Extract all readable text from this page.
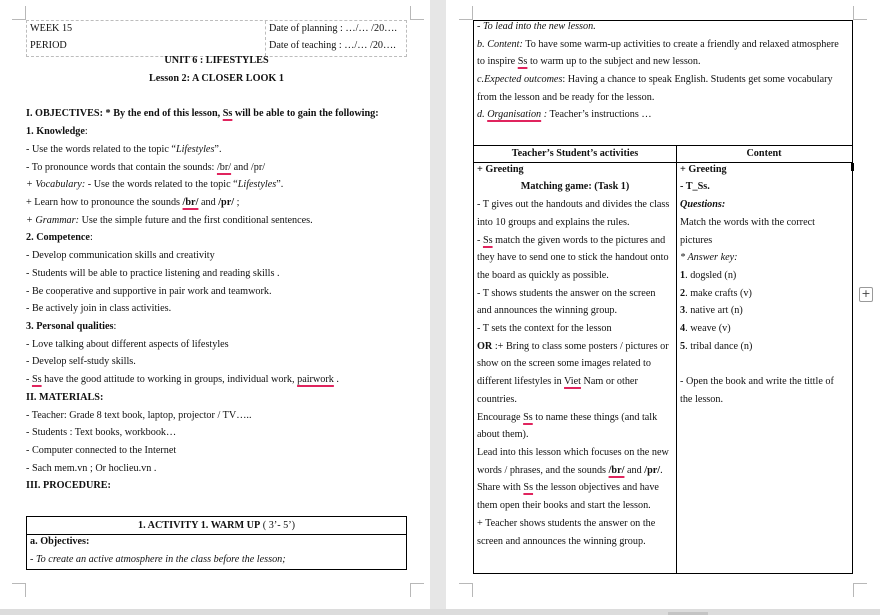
WEEK 15
PERIOD
Date of planning : …/… /20….
Date of teaching : …/… /20….
UNIT 6 : LIFESTYLES
Lesson 2: A CLOSER LOOK 1
I. OBJECTIVES: * By the end of this lesson, Ss will be able to gain the following:
1. Knowledge:
- Use the words related to the topic “Lifestyles”.
- To pronounce words that contain the sounds: /br/ and /pr/
+ Vocabulary: - Use the words related to the topic “Lifestyles”.
+ Learn how to pronounce the sounds /br/ and /pr/ ;
+ Grammar: Use the simple future and the first conditional sentences.
2. Competence:
- Develop communication skills and creativity
- Students will be able to practice listening and reading skills .
- Be cooperative and supportive in pair work and teamwork.
- Be actively join in class activities.
3. Personal qualities:
- Love talking about different aspects of lifestyles
- Develop self-study skills.
- Ss have the good attitude to working in groups, individual work, pairwork .
II. MATERIALS:
- Teacher: Grade 8 text book, laptop, projector / TV…..
- Students : Text books, workbook…
- Computer connected to the Internet
- Sach mem.vn ; Or hoclieu.vn .
III. PROCEDURE:
1. ACTIVITY 1. WARM UP ( 3’- 5’)
a. Objectives:
- To create an active atmosphere in the class before the lesson;
- To lead into the new lesson.
b. Content: To have some warm-up activities to create a friendly and relaxed atmosphere
to inspire Ss to warm up to the subject and new lesson.
c.Expected outcomes: Having a chance to speak English. Students get some vocabulary
from the lesson and be ready for the lesson.
d. Organisation : Teacher’s instructions …
Teacher’s Student’s activities	Content
+ Greeting
Matching game: (Task 1)
- T gives out the handouts and divides the class
into 10 groups and explains the rules.
- Ss match the given words to the pictures and
they have to send one to stick the handout onto
the board as quickly as possible.
- T shows students the answer on the screen
and announces the winning group.
- T sets the context for the lesson
OR :+ Bring to class some posters / pictures or
show on the screen some images related to
different lifestyles in Viet Nam or other
countries.
Encourage Ss to name these things (and talk
about them).
Lead into this lesson which focuses on the new
words / phrases, and the sounds /br/ and /pr/.
Share with Ss the lesson objectives and have
them open their books and start the lesson.
+ Teacher shows students the answer on the
screen and announces the winning group.
+ Greeting
- T_Ss.
Questions:
Match the words with the correct
pictures
* Answer key:
1. dogsled (n)
2. make crafts (v)
3. native art (n)
4. weave (v)
5. tribal dance (n)
- Open the book and write the tittle of
the lesson.
+
